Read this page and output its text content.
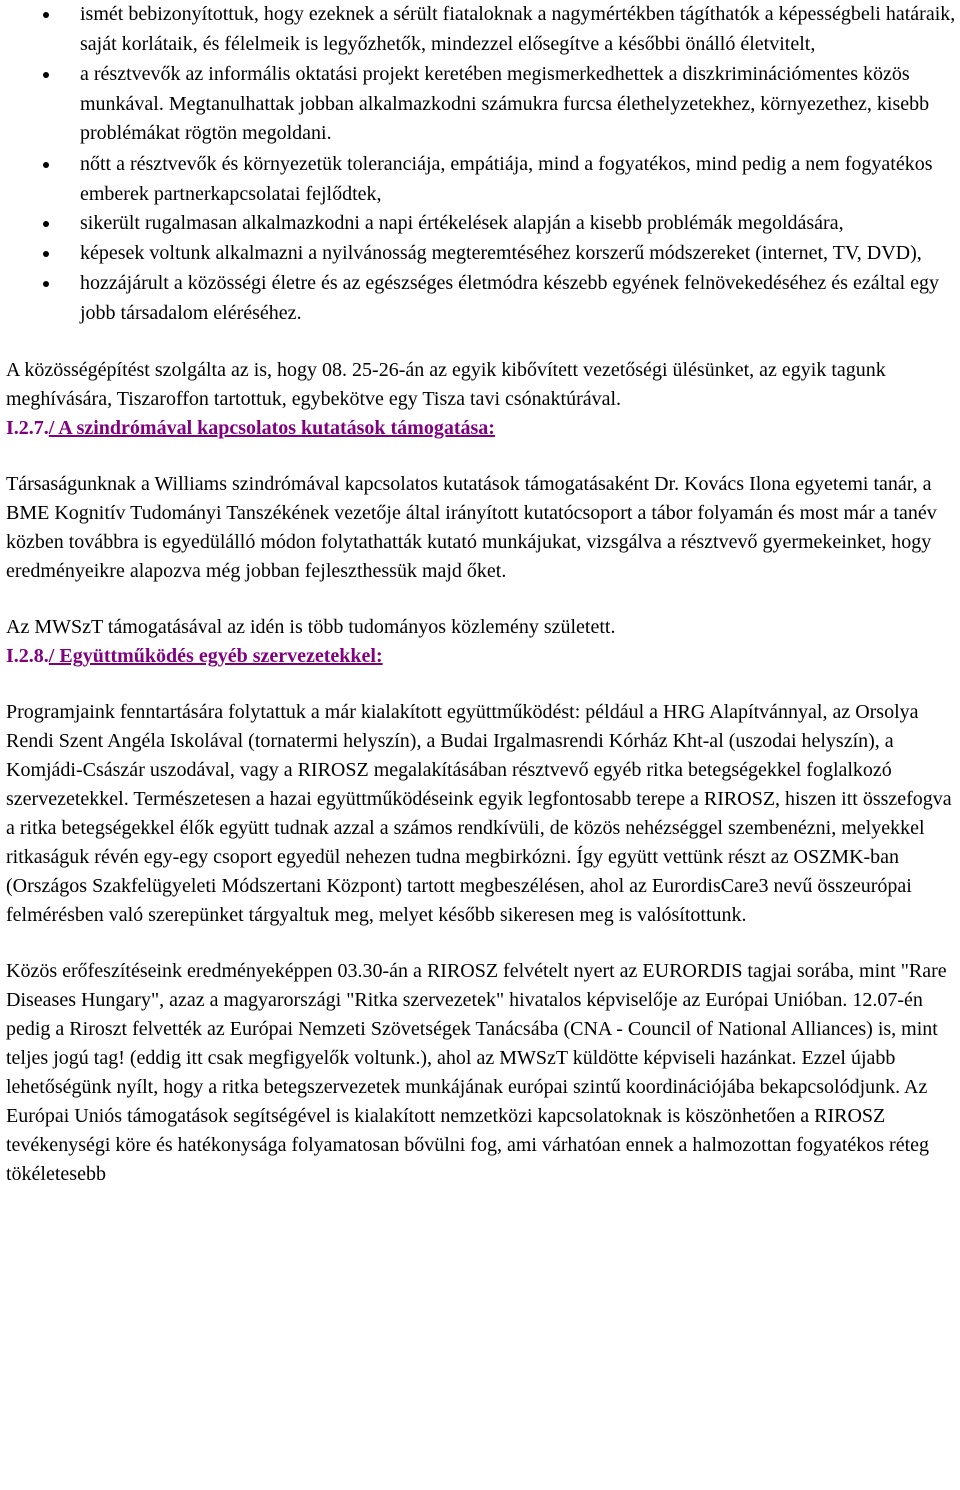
ismét bebizonyítottuk, hogy ezeknek a sérült fiataloknak a nagymértékben tágíthatók a képességbeli határaik, saját korlátaik, és félelmeik is legyőzhetők, mindezzel elősegítve a későbbi önálló életvitelt,
a résztvevők az informális oktatási projekt keretében megismerkedhettek a diszkriminációmentes közös munkával. Megtanulhattak jobban alkalmazkodni számukra furcsa élethelyzetekhez, környezethez, kisebb problémákat rögtön megoldani.
nőtt a résztvevők és környezetük toleranciája, empátiája, mind a fogyatékos, mind pedig a nem fogyatékos emberek partnerkapcsolatai fejlődtek,
sikerült rugalmasan alkalmazkodni a napi értékelések alapján a kisebb problémák megoldására,
képesek voltunk alkalmazni a nyilvánosság megteremtéséhez korszerű módszereket (internet, TV, DVD),
hozzájárult a közösségi életre és az egészséges életmódra készebb egyének felnövekedéséhez és ezáltal egy jobb társadalom eléréséhez.

A közösségépítést szolgálta az is, hogy 08. 25-26-án az egyik kibővített vezetőségi ülésünket, az egyik tagunk meghívására, Tiszaroffon tartottuk, egybekötve egy Tisza tavi csónaktúrával.

I.2.7./ A szindrómával kapcsolatos kutatások támogatása:

Társaságunknak a Williams szindrómával kapcsolatos kutatások támogatásaként Dr. Kovács Ilona egyetemi tanár, a BME Kognitív Tudományi Tanszékének vezetője által irányított kutatócsoport a tábor folyamán és most már a tanév közben továbbra is egyedülálló módon folytathatták kutató munkájukat, vizsgálva a résztvevő gyermekeinket, hogy eredményeikre alapozva még jobban fejleszthessük majd őket.

Az MWSzT támogatásával az idén is több tudományos közlemény született.

I.2.8./ Együttműködés egyéb szervezetekkel:

Programjaink fenntartására folytattuk a már kialakított együttműködést: például a HRG Alapítvánnyal, az Orsolya Rendi Szent Angéla Iskolával (tornatermi helyszín), a Budai Irgalmasrendi Kórház Kht-al (uszodai helyszín), a Komjádi-Császár uszodával, vagy a RIROSZ megalakításában résztvevő egyéb ritka betegségekkel foglalkozó szervezetekkel. Természetesen a hazai együttműködéseink egyik legfontosabb terepe a RIROSZ, hiszen itt összefogva a ritka betegségekkel élők együtt tudnak azzal a számos rendkívüli, de közös nehézséggel szembenézni, melyekkel ritkaságuk révén egy-egy csoport egyedül nehezen tudna megbirkózni. Így együtt vettünk részt az OSZMK-ban (Országos Szakfelügyeleti Módszertani Központ) tartott megbeszélésen, ahol az EurordisCare3 nevű összeurópai felmérésben való szerepünket tárgyaltuk meg, melyet később sikeresen meg is valósítottunk.

Közös erőfeszítéseink eredményeképpen 03.30-án a RIROSZ felvételt nyert az EURORDIS tagjai sorába, mint "Rare Diseases Hungary", azaz a magyarországi "Ritka szervezetek" hivatalos képviselője az Európai Unióban. 12.07-én pedig a Riroszt felvették az Európai Nemzeti Szövetségek Tanácsába (CNA - Council of National Alliances) is, mint teljes jogú tag! (eddig itt csak megfigyelők voltunk.), ahol az MWSzT küldötte képviseli hazánkat. Ezzel újabb lehetőségünk nyílt, hogy a ritka betegszervezetek munkájának európai szintű koordinációjába bekapcsolódjunk. Az Európai Uniós támogatások segítségével is kialakított nemzetközi kapcsolatoknak is köszönhetően a RIROSZ tevékenységi köre és hatékonysága folyamatosan bővülni fog, ami várhatóan ennek a halmozottan fogyatékos réteg tökéletesebb
